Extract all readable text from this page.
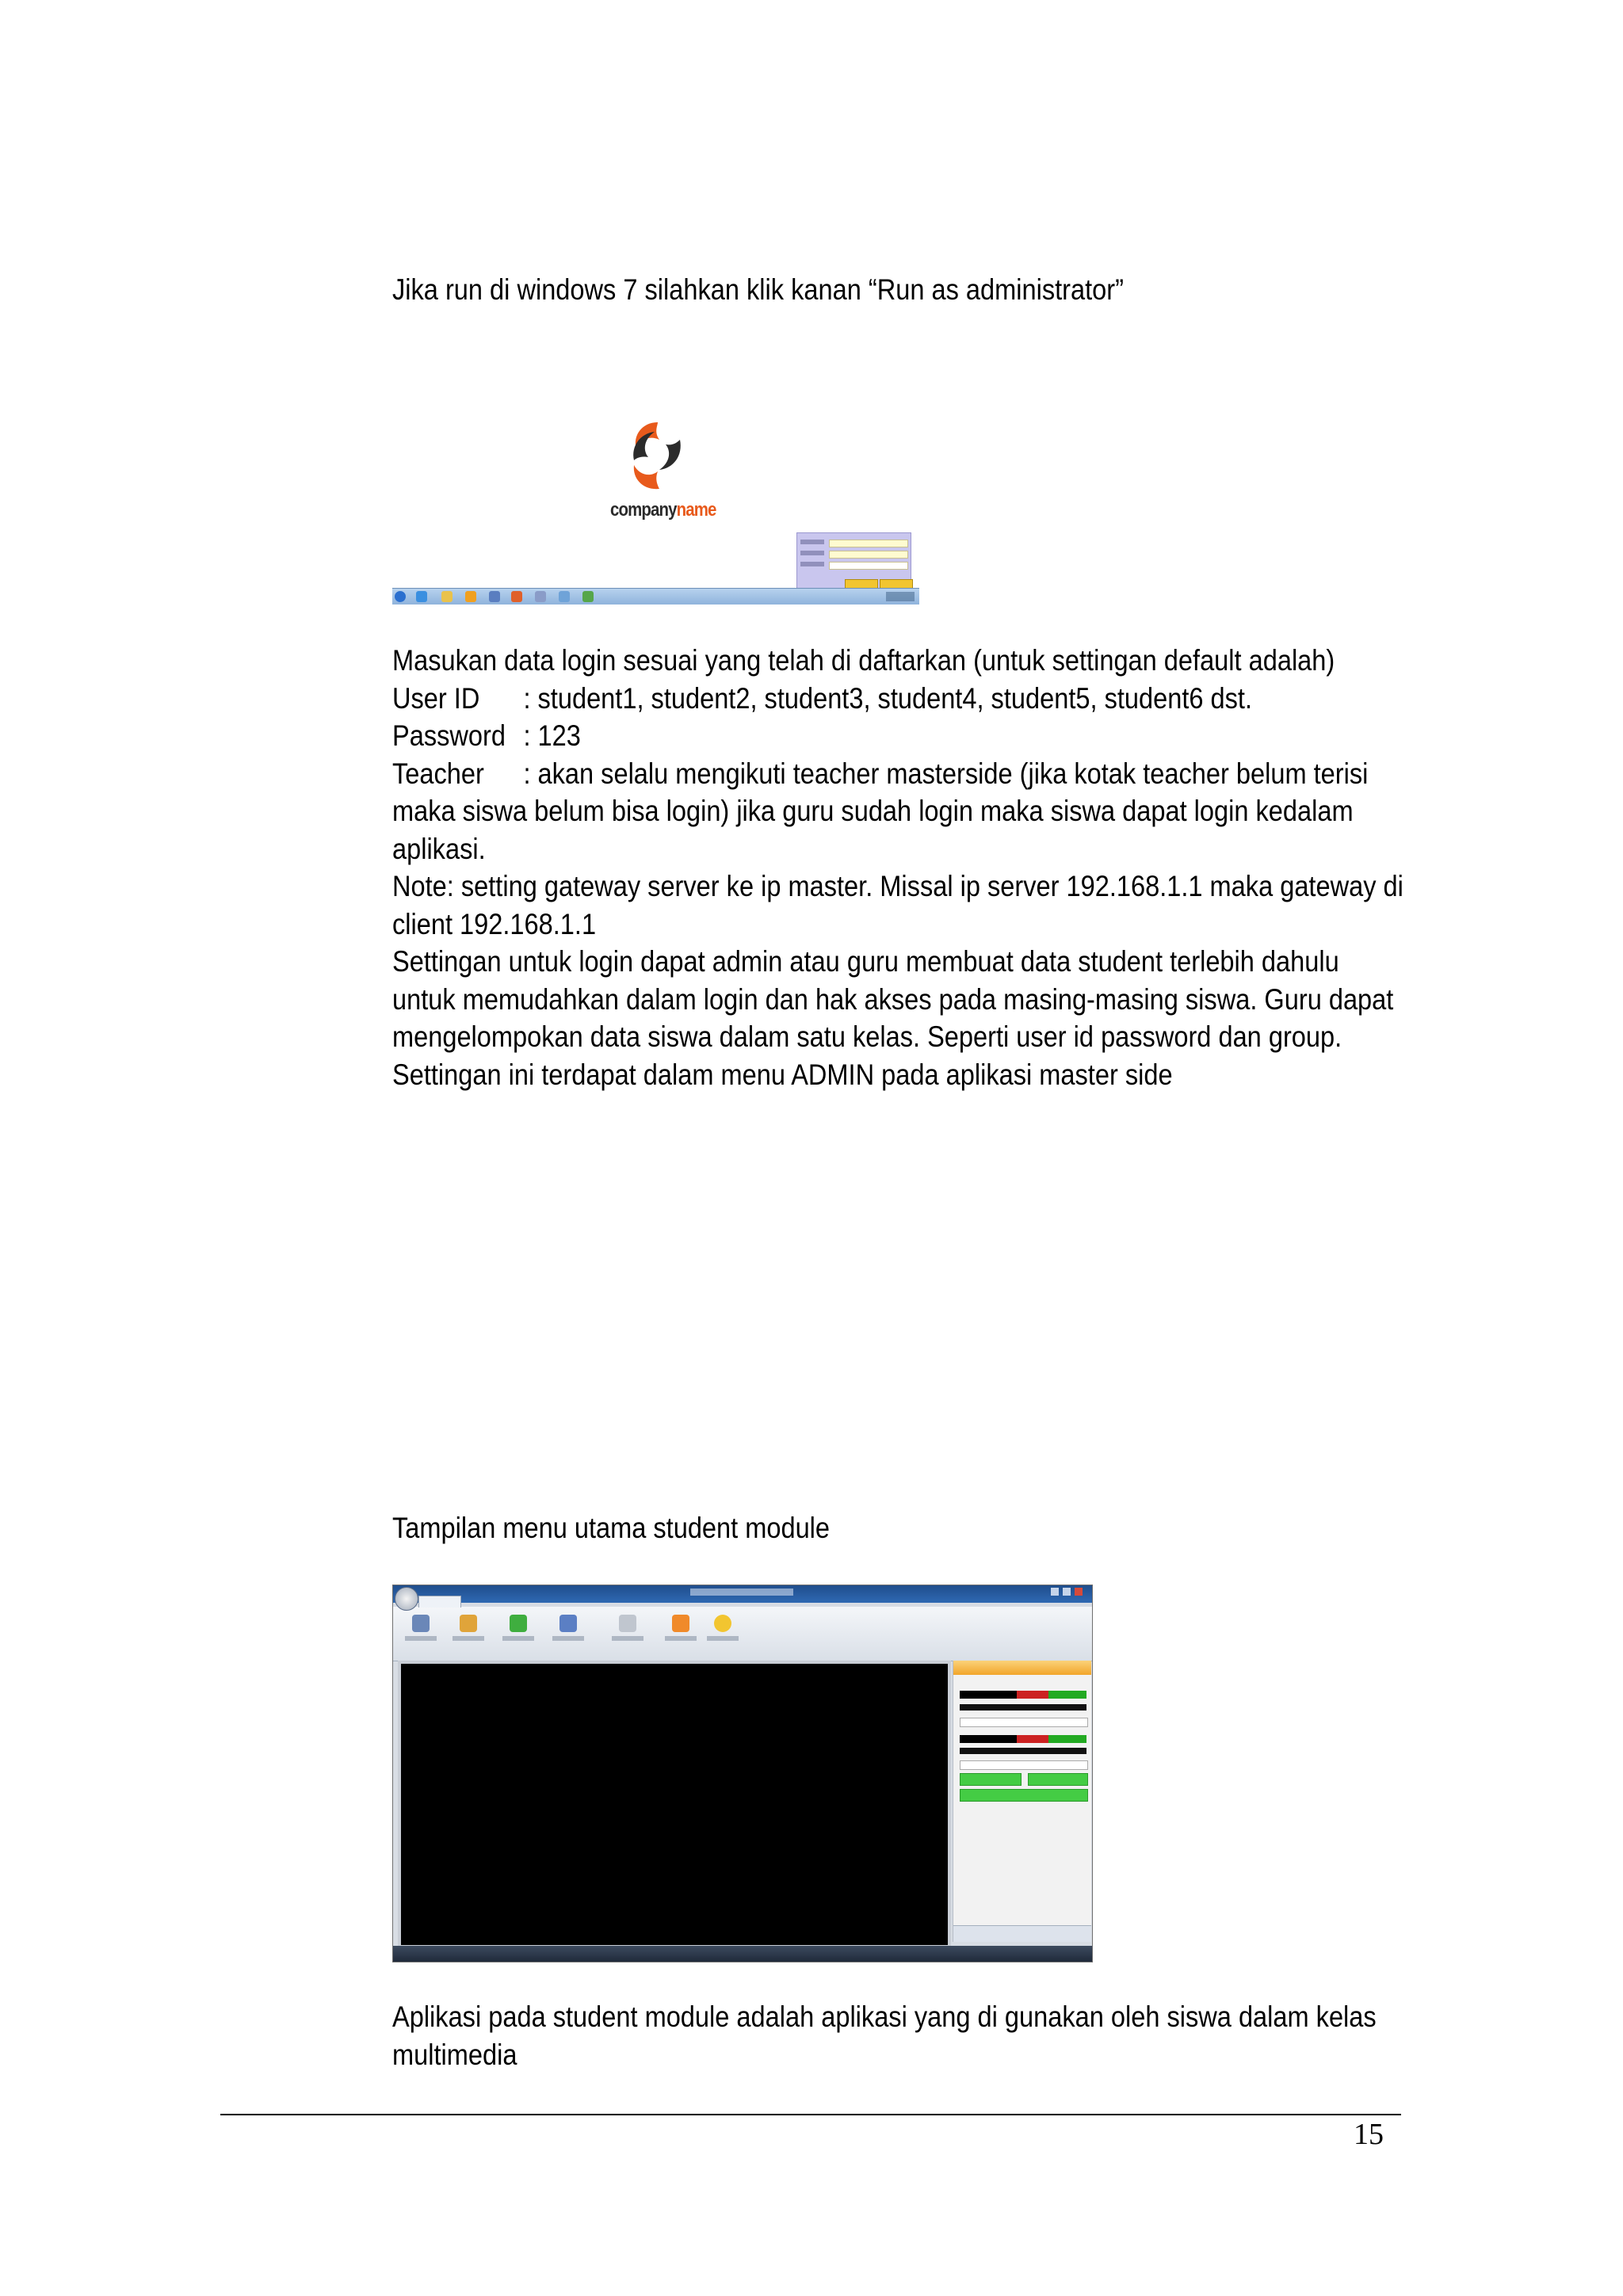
Jika run di windows 7 silahkan klik kanan “Run as administrator”
companyname
Masukan data login sesuai yang telah di daftarkan (untuk settingan default adalah)
User ID : student1, student2, student3, student4, student5, student6 dst.
Password : 123
Teacher : akan selalu mengikuti teacher masterside (jika kotak teacher belum terisi
maka siswa belum bisa login) jika guru sudah login maka siswa dapat login kedalam
aplikasi.
Note: setting gateway server ke ip master. Missal ip server 192.168.1.1 maka gateway di
client 192.168.1.1
Settingan untuk login dapat admin atau guru membuat data student terlebih dahulu
untuk memudahkan dalam login dan hak akses pada masing-masing siswa. Guru dapat
mengelompokan data siswa dalam satu kelas. Seperti user id password dan group.
Settingan ini terdapat dalam menu ADMIN pada aplikasi master side
Tampilan menu utama student module
Aplikasi pada student module adalah aplikasi yang di gunakan oleh siswa dalam kelas
multimedia
15
